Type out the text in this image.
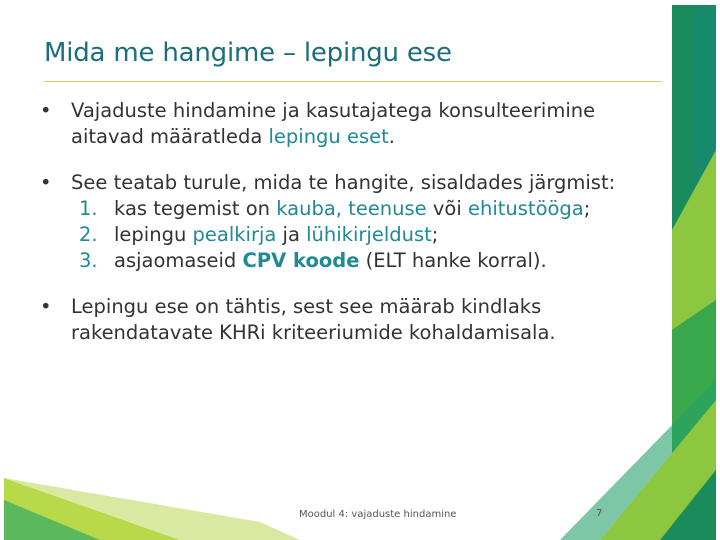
Mida me hangime – lepingu ese
• Vajaduste hindamine ja kasutajatega konsulteerimine aitavad määratleda lepingu eset.
• See teatab turule, mida te hangite, sisaldades järgmist:
1. kas tegemist on kauba, teenuse või ehitustööga;
2. lepingu pealkirja ja lühikirjeldust;
3. asjaomaseid CPV koode (ELT hanke korral).
• Lepingu ese on tähtis, sest see määrab kindlaks rakendatavate KHRi kriteeriumide kohaldamisala.
Moodul 4: vajaduste hindamine	7
